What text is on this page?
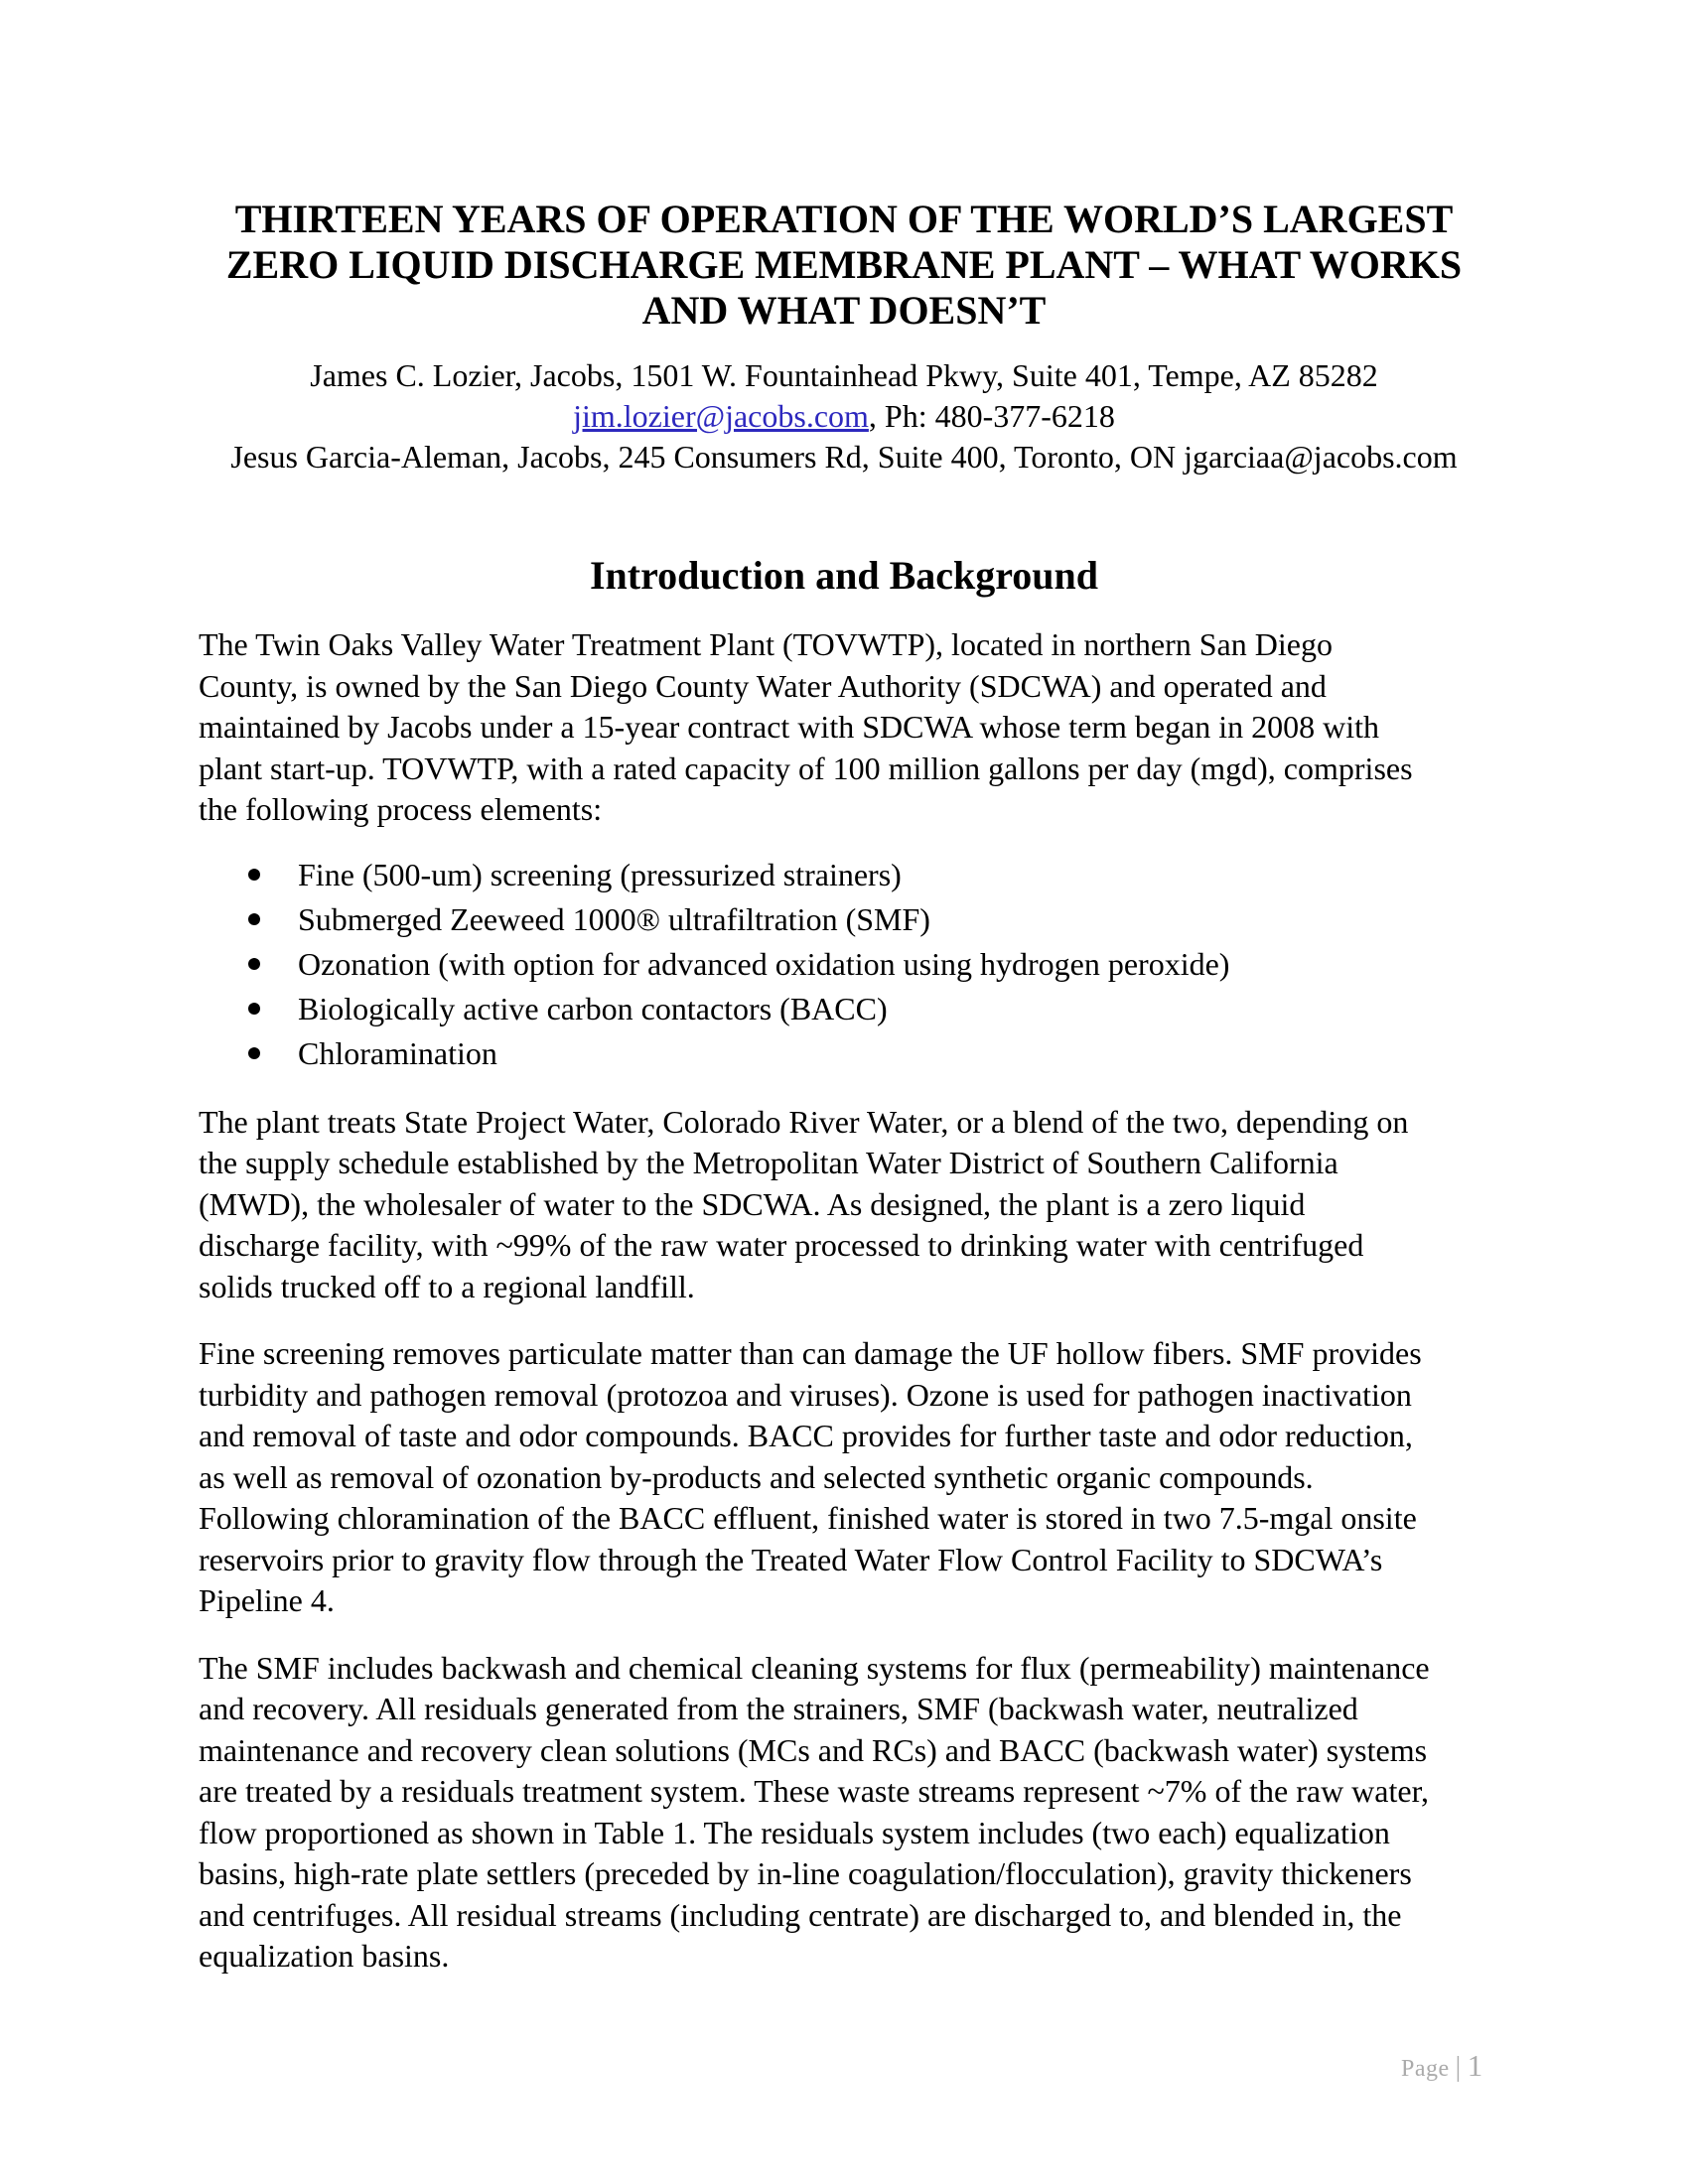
THIRTEEN YEARS OF OPERATION OF THE WORLD’S LARGEST
ZERO LIQUID DISCHARGE MEMBRANE PLANT – WHAT WORKS
AND WHAT DOESN’T
James C. Lozier, Jacobs, 1501 W. Fountainhead Pkwy, Suite 401, Tempe, AZ 85282
jim.lozier@jacobs.com, Ph: 480-377-6218
Jesus Garcia-Aleman, Jacobs, 245 Consumers Rd, Suite 400, Toronto, ON jgarciaa@jacobs.com
Introduction and Background
The Twin Oaks Valley Water Treatment Plant (TOVWTP), located in northern San Diego
County, is owned by the San Diego County Water Authority (SDCWA) and operated and
maintained by Jacobs under a 15-year contract with SDCWA whose term began in 2008 with
plant start-up. TOVWTP, with a rated capacity of 100 million gallons per day (mgd), comprises
the following process elements:
Fine (500-um) screening (pressurized strainers)
Submerged Zeeweed 1000® ultrafiltration (SMF)
Ozonation (with option for advanced oxidation using hydrogen peroxide)
Biologically active carbon contactors (BACC)
Chloramination
The plant treats State Project Water, Colorado River Water, or a blend of the two, depending on
the supply schedule established by the Metropolitan Water District of Southern California
(MWD), the wholesaler of water to the SDCWA. As designed, the plant is a zero liquid
discharge facility, with ~99% of the raw water processed to drinking water with centrifuged
solids trucked off to a regional landfill.
Fine screening removes particulate matter than can damage the UF hollow fibers. SMF provides
turbidity and pathogen removal (protozoa and viruses). Ozone is used for pathogen inactivation
and removal of taste and odor compounds. BACC provides for further taste and odor reduction,
as well as removal of ozonation by-products and selected synthetic organic compounds.
Following chloramination of the BACC effluent, finished water is stored in two 7.5-mgal onsite
reservoirs prior to gravity flow through the Treated Water Flow Control Facility to SDCWA’s
Pipeline 4.
The SMF includes backwash and chemical cleaning systems for flux (permeability) maintenance
and recovery. All residuals generated from the strainers, SMF (backwash water, neutralized
maintenance and recovery clean solutions (MCs and RCs) and BACC (backwash water) systems
are treated by a residuals treatment system. These waste streams represent ~7% of the raw water,
flow proportioned as shown in Table 1. The residuals system includes (two each) equalization
basins, high-rate plate settlers (preceded by in-line coagulation/flocculation), gravity thickeners
and centrifuges. All residual streams (including centrate) are discharged to, and blended in, the
equalization basins.
Page | 1
